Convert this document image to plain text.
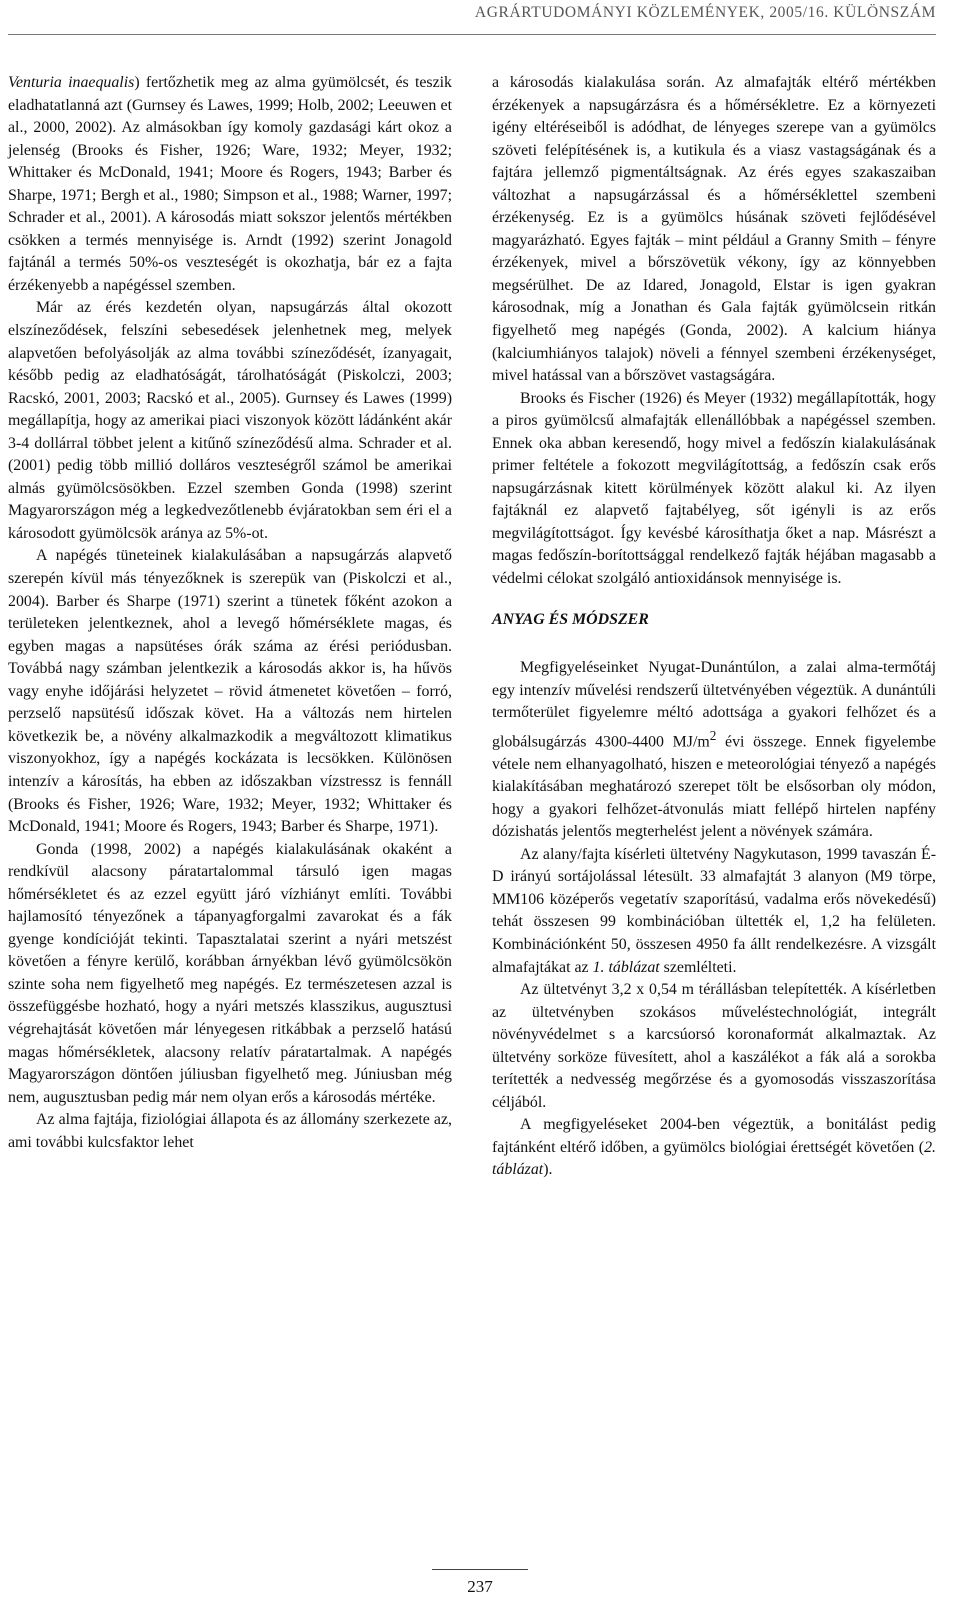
AGRÁRTUDOMÁNYI KÖZLEMÉNYEK, 2005/16. KÜLÖNSZÁM

Venturia inaequalis) fertőzhetik meg az alma gyümölcsét, és teszik eladhatatlanná azt (Gurnsey és Lawes, 1999; Holb, 2002; Leeuwen et al., 2000, 2002). Az almásokban így komoly gazdasági kárt okoz a jelenség (Brooks és Fisher, 1926; Ware, 1932; Meyer, 1932; Whittaker és McDonald, 1941; Moore és Rogers, 1943; Barber és Sharpe, 1971; Bergh et al., 1980; Simpson et al., 1988; Warner, 1997; Schrader et al., 2001). A károsodás miatt sokszor jelentős mértékben csökken a termés mennyisége is. Arndt (1992) szerint Jonagold fajtánál a termés 50%-os veszteségét is okozhatja, bár ez a fajta érzékenyebb a napégéssel szemben.

Már az érés kezdetén olyan, napsugárzás által okozott elszíneződések, felszíni sebesedések jelenhetnek meg, melyek alapvetően befolyásolják az alma további színeződését, ízanyagait, később pedig az eladhatóságát, tárolhatóságát (Piskolczi, 2003; Racskó, 2001, 2003; Racskó et al., 2005). Gurnsey és Lawes (1999) megállapítja, hogy az amerikai piaci viszonyok között ládánként akár 3-4 dollárral többet jelent a kitűnő színeződésű alma. Schrader et al. (2001) pedig több millió dolláros veszteségről számol be amerikai almás gyümölcsösökben. Ezzel szemben Gonda (1998) szerint Magyarországon még a legkedvezőtlenebb évjáratokban sem éri el a károsodott gyümölcsök aránya az 5%-ot.

A napégés tüneteinek kialakulásában a napsugárzás alapvető szerepén kívül más tényezőknek is szerepük van (Piskolczi et al., 2004). Barber és Sharpe (1971) szerint a tünetek főként azokon a területeken jelentkeznek, ahol a levegő hőmérséklete magas, és egyben magas a napsütéses órák száma az érési periódusban. Továbbá nagy számban jelentkezik a károsodás akkor is, ha hűvös vagy enyhe időjárási helyzetet – rövid átmenetet követően – forró, perzselő napsütésű időszak követ. Ha a változás nem hirtelen következik be, a növény alkalmazkodik a megváltozott klimatikus viszonyokhoz, így a napégés kockázata is lecsökken. Különösen intenzív a károsítás, ha ebben az időszakban vízstressz is fennáll (Brooks és Fisher, 1926; Ware, 1932; Meyer, 1932; Whittaker és McDonald, 1941; Moore és Rogers, 1943; Barber és Sharpe, 1971).

Gonda (1998, 2002) a napégés kialakulásának okaként a rendkívül alacsony páratartalommal társuló igen magas hőmérsékletet és az ezzel együtt járó vízhiányt említi. További hajlamosító tényezőnek a tápanyagforgalmi zavarokat és a fák gyenge kondícióját tekinti. Tapasztalatai szerint a nyári metszést követően a fényre kerülő, korábban árnyékban lévő gyümölcsökön szinte soha nem figyelhető meg napégés. Ez természetesen azzal is összefüggésbe hozható, hogy a nyári metszés klasszikus, augusztusi végrehajtását követően már lényegesen ritkábbak a perzselő hatású magas hőmérsékletek, alacsony relatív páratartalmak. A napégés Magyarországon döntően júliusban figyelhető meg. Júniusban még nem, augusztusban pedig már nem olyan erős a károsodás mértéke.

Az alma fajtája, fiziológiai állapota és az állomány szerkezete az, ami további kulcsfaktor lehet

a károsodás kialakulása során. Az almafajták eltérő mértékben érzékenyek a napsugárzásra és a hőmérsékletre. Ez a környezeti igény eltéréseiből is adódhat, de lényeges szerepe van a gyümölcs szöveti felépítésének is, a kutikula és a viasz vastagságának és a fajtára jellemző pigmentáltságnak. Az érés egyes szakaszaiban változhat a napsugárzással és a hőmérséklettel szembeni érzékenység. Ez is a gyümölcs húsának szöveti fejlődésével magyarázható. Egyes fajták – mint például a Granny Smith – fényre érzékenyek, mivel a bőrszövetük vékony, így az könnyebben megsérülhet. De az Idared, Jonagold, Elstar is igen gyakran károsodnak, míg a Jonathan és Gala fajták gyümölcsein ritkán figyelhető meg napégés (Gonda, 2002). A kalcium hiánya (kalciumhiányos talajok) növeli a fénnyel szembeni érzékenységet, mivel hatással van a bőrszövet vastagságára.

Brooks és Fischer (1926) és Meyer (1932) megállapították, hogy a piros gyümölcsű almafajták ellenállóbbak a napégéssel szemben. Ennek oka abban keresendő, hogy mivel a fedőszín kialakulásának primer feltétele a fokozott megvilágítottság, a fedőszín csak erős napsugárzásnak kitett körülmények között alakul ki. Az ilyen fajtáknál ez alapvető fajtabélyeg, sőt igényli is az erős megvilágítottságot. Így kevésbé károsíthatja őket a nap. Másrészt a magas fedőszín-borítottsággal rendelkező fajták héjában magasabb a védelmi célokat szolgáló antioxidánsok mennyisége is.

ANYAG ÉS MÓDSZER

Megfigyeléseinket Nyugat-Dunántúlon, a zalai alma-termőtáj egy intenzív művelési rendszerű ültetvényében végeztük. A dunántúli termőterület figyelemre méltó adottsága a gyakori felhőzet és a globálsugárzás 4300-4400 $MJ/m^2$ évi összege. Ennek figyelembe vétele nem elhanyagolható, hiszen e meteorológiai tényező a napégés kialakításában meghatározó szerepet tölt be elsősorban oly módon, hogy a gyakori felhőzet-átvonulás miatt fellépő hirtelen napfény dózishatás jelentős megterhelést jelent a növények számára.

Az alany/fajta kísérleti ültetvény Nagykutason, 1999 tavaszán É-D irányú sortájolással létesült. 33 almafajtát 3 alanyon (M9 törpe, MM106 középerős vegetatív szaporítású, vadalma erős növekedésű) tehát összesen 99 kombinációban ültették el, 1,2 ha felületen. Kombinációnként 50, összesen 4950 fa állt rendelkezésre. A vizsgált almafajtákat az 1. táblázat szemlélteti.

Az ültetvényt 3,2 x 0,54 m térállásban telepítették. A kísérletben az ültetvényben szokásos műveléstechnológiát, integrált növényvédelmet s a karcsúorsó koronaformát alkalmaztak. Az ültetvény sorköze füvesített, ahol a kaszálékot a fák alá a sorokba terítették a nedvesség megőrzése és a gyomosodás visszaszorítása céljából.

A megfigyeléseket 2004-ben végeztük, a bonitálást pedig fajtánként eltérő időben, a gyümölcs biológiai érettségét követően (2. táblázat).

237
